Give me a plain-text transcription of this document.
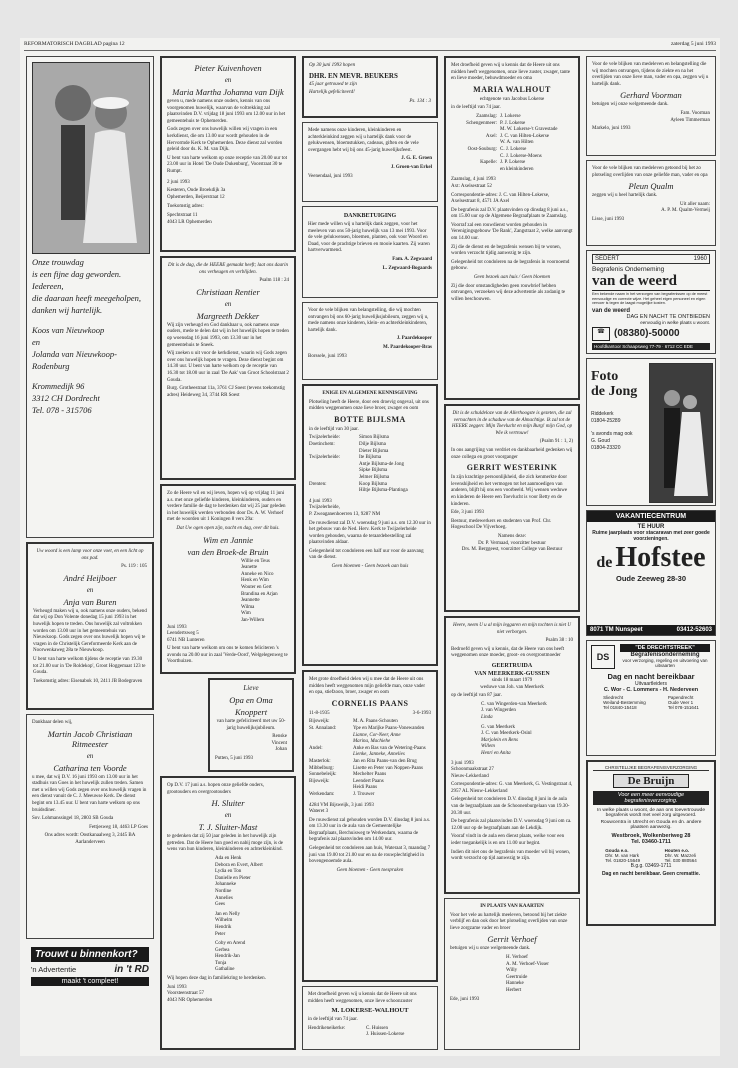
REFORMATORISCH DAGBLAD pagina 12	zaterdag 5 juni 1993

Onze trouwdag

is een fijne dag geworden.

Iedereen,

die daaraan heeft meegeholpen,

danken wij hartelijk.

Koos van Nieuwkoop

en

Jolanda van Nieuwkoop-Rodenburg

Krommedijk 96

3312 CH Dordrecht

Tel. 078 - 315706

Uw woord is een lamp voor onze voet, en een licht op ons pad.
Ps. 119 : 105
André Heijboer
en
Anja van Buren
Verheugd maken wij u, ook namens onze ouders, bekend dat wij op Don Volente donedag 15 juni 1993 in het huwelijk hopen te treden. Ons huwelijk zal voltrokken worden om 13.00 uur in het gemeentehuis van Nieuwkoop. Gods zegen over ons huwelijk hopen wij te vragen in de Christelijk Gereformeerde Kerk aan de Noorwenkaweg 28a te Nieuwkoop.
U bent van harte welkom tijdens de receptie van 19.30 tot 21.00 uur in 'De Roldekop', Groot Hoggemaat 123 te Gouda.
Toekomstig adres: Eisenabok 10, 2411 JB Bodegraven
Dankbaar delen wij,
Martin Jacob Christiaan Ritmeester
en
Catharina ten Voorde
u mee, dat wij D.V. 16 juni 1993 om 13.00 uur in het stadhuis van Goes in het huwelijk zullen treden. Samen met u willen wij Gods zegen over ons huwelijk vragen in een dienst vanuit de C. J. Meeuwse Kerk. De dienst begint om 13.45 uur. U bent van harte welkom op ons bruidsdiner.
Sov. Lohmanssingel 18, 2803 SB Gouda
Fettjesweg 18, 4463 LP Goes
Ons adres wordt: Oostkanaalweg 3, 2445 BA Aarlanderveen
Trouwt u binnenkort?
'n Advertentie	in 't RD
maakt 't compleet!
Pieter Kuivenhoven
en
Maria Martha Johanna van Dijk
geven u, mede namens onze ouders, kennis van ons voorgenomen huwelijk, waarvan de voltrekking zal plaatsvinden D.V. vrijdag 18 juni 1993 om 12.00 uur in het gemeentehuis te Ophemerden.
Gods zegen over ons huwelijk willen wij vragen in een kerkdienst, die om 13.00 uur wordt gehouden in de Hervormde Kerk te Ophemerden. Deze dienst zal worden geleid door ds. K. M. van Dijk.
U bent van harte welkom op onze receptie van 20.00 uur tot 23.00 uur in Hotel 'De Oude Dukenburg', Voorstraat 30 te Rumpt.
2 juni 1993
Kesteren, Oude Broekdijk 3a
Ophemerden, Beijerstraat 12
Toekomstig adres:
Spechtstraat 11
4043 LR Ophemerden
Dit is de dag, die de HEERE gemaakt heeft; laat ons daarin ons verheugen en verblijden.
Psalm 118 : 24
Christiaan Rentier
en
Margreeth Dekker
Wij zijn verheugd en God dankbaar u, ook namens onze ouders, mede te delen dat wij in het huwelijk hopen te treden op woensdag 16 juni 1993, om 13.30 uur in het gemeentehuis te Sneek.
Wij zoeken u uit voor de kerkdienst, waarin wij Gods zegen over ons huwelijk hopen te vragen. Deze dienst begint om 14.30 uur. U bent van harte welkom op de receptie van 16.30 tot 18.00 uur in zaal 'De Aak' van Groot Schoolstraat 2 Gouda.
Burg. Grotheestraat 11a, 3761 CJ Soest (tevens toekomstig adres) Heideweg 34, 3744 RR Soest
Zo de Heere wil en wij leven, hopen wij op vrijdag 11 juni a.s. met onze geliefde kinderen, kleinkinderen, ouders en verdere familie de dag te herdenken dat wij 25 jaar geleden in het huwelijk werden verbonden door Ds. A. W. Verhoef met de woorden uit 1 Koningen 8 vers 29a:
Dat Uw ogen open zijn, nacht en dag, over dit huis.
Wim en Jannie
van den Broek-de Bruin
Willie en Teus
Jeanette
Anneke en Nico
Henk en Wim
Wouter en Gert
Brandina en Arjan
Jeannette
Wilma
Wim
Jan-Willem
Juni 1993
Leendertsweg 5
6741 NB Lunteren
U bent van harte welkom om ons te komen feliciteren 's avonds na 20.00 uur in zaal 'Verde-Oord', Welgelegenweg te Voorthuizen.
Lieve
Opa en Oma
Knoppert
van harte gefeliciteerd met uw 50-jarig huwelijksjubileum.
Renske
Vincent
Johan
Putten, 5 juni 1993
Op D.V. 17 juni a.s. hopen onze geliefde ouders, grootouders en overgrootouders
H. Sluiter
en
T. J. Sluiter-Mast
te gedenken dat zij 50 jaar geleden in het huwelijk zijn getreden. Dat de Heere hun goed en nabij moge zijn, is de wens van hun kinderen, kleinkinderen en achterkleinkind.
Ada en Henk
Debora en Evert, Albert
Lydia en Ton
Danielle en Pieter
Johanneke
Nordine
Annelies
Gees
Jan en Nelly
Wilhelm
Hendrik
Peter
Coby en Arend
Gerbea
Hendrik-Jan
Tonja
Gathaline
Wij hopen deze dag in familiekring te herdenken.
Juni 1993
Voorsteenstraat 57
4043 NR Ophemerden
Op 30 juni 1993 hopen
DHR. EN MEVR. BEUKERS
45 jaar getrouwd te zijn
Hartelijk gefeliciteerd!
Ps. 134 : 3
Mede namens onze kinderen, kleinkinderen en achterkleinkind zeggen wij u hartelijk dank voor de gelukwensen, bloemstukken, cadeaus, giften en de vele overgangen hebt wij bij ons 45-jarig huwelijksfeest.
J. G. E. Groen
J. Groen-van Erkel
Veenendaal, juni 1993
DANKBETUIGING
Hier mede willen wij u hartelijk dank zeggen, voor het meeleven van ons 50-jarig huwelijk van 13 mei 1993. Voor de vele gelukwensen, bloemen, planten, ook voor Woord en Daad, voor de prachtige brieven en mooie kaarten. Zij waren hartverwarmend.
Fam. A. Zegwaard
L. Zegwaard-Bogaards
Voor de vele blijken van belangstelling, die wij mochten ontvangen bij ons 60-jarig huwelijksjubileum, zeggen wij u, mede namens onze kinderen, klein- en achterkleinkinderen, hartelijk dank.
J. Paardekooper
M. Paardekooper-Bras
Borssele, juni 1993
ENIGE EN ALGEMENE KENNISGEVING
Plotseling heeft de Heere, door een droevig ongeval, uit ons midden weggenomen onze lieve broer, zwager en oom
BOTTE BIJLSMA
in de leeftijd van 30 jaar.
Twijzelerheide:	Simon Bijlsma
Doetinchem:	Dilje Bijlsma
Dieter Bijlsma
Twijzelerheide:	Ite Bijlsma
Antje Bijlsma-de Jong
Sipke Bijlsma
Jelmer Bijlsma
Drenten:	Koop Bijlsma
Hiltje Bijlsma-Plantinga
4 juni 1993
Twijzelerheide,
P. Zweaganenhoerren 13, 9287 NM
De rouwdienst zal D.V. woensdag 9 juni a.s. om 12.30 uur in het gebouw van de Ned. Herv. Kerk te Twijzelerheide worden gehouden, waarna de teraardebestelling zal plaatsvinden aldaar.
Gelegenheid tot condoleren een half uur voor de aanvang van de dienst.
Geen bloemen - Geen bezoek aan huis
Met grote droefheid delen wij u mee dat de Heere uit ons midden heeft weggenomen mijn geliefde man, onze vader en opa, stiefzoon, broer, zwager en oom
CORNELIS PAANS
11-8-1935	3-6-1993
Bijsweijk:	M. A. Paans-Schouten
St. Annaland:	Ype en Marijke Paans-Vonewanden
Lianne, Cor-Neer, Anne
Marina, Machiehe
Andel:	Anke en Bas van de Wetering-Paans
Lienke, Janneke, Annelies
Masterlok:	Jan en Rita Paans-van den Brug
Mibbelburg:	Lisette en Peter van Noppen-Paans
Sonnebeleijk:	Mechelter Paans
Bijsweijk:	Leendert Paans
Heidi Paans
Werkendam:	J. Trouwer
4284 VM Bijsweijk, 3 juni 1993
Wateret 3
De rouwdienst zal gehouden worden D.V. dinsdag 8 juni a.s. om 13.30 uur in de aula van de Gemeentelijke Begraafplaats, Berchuisweg te Werkendam, waarna de begrafenis zal plaatsvinden om 14.00 uur.
Gelegenheid tot condoleren aan huis, Wateraat 3, maandag 7 juni van 19.00 tot 21.00 uur en na de rouwplechtigheid in bovengenoemde aula.
Geen bloemen - Geen toespraken
Met droefheid geven wij u kennis dat de Heere uit ons midden heeft weggenomen, onze lieve schoonzuster
M. LOKERSE-WALHOUT
in de leeftijd van 74 jaar.
Hendrikeneikerke:	C. Huissen
J. Huissen-Lokerse
Met droefheid geven wij u kennis dat de Heere uit ons midden heeft weggenomen, onze lieve zuster, zwager, tante en lieve moeder, behuwdmoeder en oma
MARIA WALHOUT
echtgenote van Jacobus Lokerse
in de leeftijd van 74 jaar.
Zaamslag: J. Lokerse
Schengenmeer: P. J. Lokerse
M. W. Lokerse-'t Gravestade
Axel: J. C. van Hilten-Lokerse
W. A. van Hilten
Oost-Souburg: C. J. Lokerse
C. J. Lokerse-Moens
Kapelle: J. P. Lokerse
en kleinkinderen
Zaamslag, 4 juni 1993
Axt: Axelsestraat 52
Correspondentie-adres: J. C. van Hilten-Lokerse, Axelsestraat 8, 4571 JA Axel
De begrafenis zal D.V. plaatsvinden op dinsdag 8 juni a.s., om 15.00 uur op de Algemene Begraafplaats te Zaamslag.
Voorraf zal een rouwdienst worden gehouden in Verenigingsgebouw 'De Rank', Zangstraat 2, welke aanvangt om 14.00 uur.
Zij die de dienst en de begrafenis wensen bij te wonen, worden verzocht tijdig aanwezig te zijn.
Gelegenheid tot condoleren na de begrafenis in voornoemd gebouw.
Geen bezoek aan huis / Geen bloemen
Zij die door omstandigheden geen rouwbrief hebben ontvangen, verzoeken wij deze advertentie als zodanig te willen beschouwen.
Dit is de schuldeloze van de Allerhoogste is gezeten, die zal vernachten in de schaduw van de Almachtige. Ik zal tot de HEERE zeggen: Mijn Toevlucht en mijn Burg! mijn God, op Wie ik vertrouw!
(Psalm 91 : 1, 2)
In ons aangrijing van verdriet en dankbaarheid gedenken wij onze collega en groot voorganger
GERRIT WESTERINK
In zijn krachtige persoonlijkheid, die zich kenmerkte door levenshijheid en het vermogen tot het aanmoedigen van anderen, blijft hij ons een voorbeeld. Wij wensen weduwe en kinderen de Heere een Toevlucht is voor Betty en de kinderen.
Ede, 3 juni 1993
Bestuur, medewerkers en studenten van Prof. Chr. Hogeschool De Vijverhoeg.
Namens deze:
Dr. P. Vermaad, voorzitter bestuur
Drs. M. Berggeest, voorzitter College van Bestuur
Heere, neem U u al mijn leggaren en mijn tochten is niet U niet verborgen.
Psalm 38 : 10
Bedroefd geven wij u kennis, dat de Heere van ons heeft weggenomen onze moeder, groot- en overgrootmoeder
GEERTRUIDA
VAN MEERKERK-GUSSEN
sinds 18 maart 1979
weduwe van Joh. van Meerkerk
op de leeftijd van 87 jaar.
C. van Wingerden-van Meerkerk
J. van Wingerden
Linda
G. van Meerkerk
J. C. van Meerkerk-Osinl
Marjolein en Rens
Willem
Henri en Anita
3 juni 1993
Schoonmaakstraat 27
Nieuw-Lekkerland
Correspondentie-adres: G. van Meerkerk, G. Vestingstraat 4, 2957 AL Nieuw-Lekkerland
Gelegenheid tot condoleren D.V. dinsdag 8 juni in de aula van de begraafplaats aan de Schoonenburgelaan van 19.30-20.30 uur.
De begrafenis zal plaatsvinden D.V. woensdag 9 juni om ca. 12.00 uur op de begraafplaats aan de Lekdijk.
Vooraf vindt in de aula een dienst plaats, welke voor een ieder toegankelijk is en om 11.00 uur begint.
Indien dit niet ons de begrafenis van moeder wil bij wonen, wordt verzocht op tijd aanwezig te zijn.
IN PLAATS VAN KAARTEN
Voor het vele au hartelijk meeleven, betoond bij het ziekte verblijf en dan ook door het plotseling overlijden van onze lieve zorgzame vader en broer
Gerrit Verhoef
betuigen wij u onze welgemeende dank.
H. Verhoef
A. M. Verhoef-Visser
Willy
Geertruide
Hanneke
Herbert
Ede, juni 1993
Voor de vele blijken van medeleven en belangstelling die wij mochten ontvangen, tijdens de ziekte en na het overlijden van onze lieve man, vader en opa, zeggen wij u hartelijk dank.
Gerhard Voorman
betuigen wij onze welgemeende dank.
Fam. Voorman
Ayleen Timmerman
Markelo, juni 1993
Voor de vele blijken van medeleven getoond bij het zo plotseling overlijden van onze geliefde man, vader en opa
Pleun Qualm
zeggen wij u heel hartelijk dank.
Uit aller naam:
A. P. M. Qualm-Vermeij
Lisse, juni 1993
SEDERT	1960
Begrafenis Onderneming
van de weerd
Een bekende naam in het verzorgen van begrafenissen op de meest eenvoudige en correcte wijze. Het geheel eigen personeel en eigen vervoer is tegen de laagst mogelijke kosten.
van de weerd
DAG EN NACHT TE ONTBIEDEN
eenvoudig in welke plaats u woont.
☎ (08380)-50000
Hoofdkantoor Schaapsweg 77-79 · 6712 CC EDE
Foto
de Jong
Riddekerk
01804-25289
's avonds mag ook
G. Goud
01804-23320
VAKANTIECENTRUM
TE HUUR
Ruime jaarplaats voor stacaravan met zeer goede voorzieningen.
de Hofstee
Oude Zeeweg 28-30
8071 TM Nunspeet	03412-52603
DS
"DE DRECHTSTREEK"
Begrafenisonderneming
voor verzorging, regeling en uitvoering van uitvaarten
Dag en nacht bereikbaar
Uitvaartleiders
C. Wor - C. Lommers - H. Nederveen
Sliedrecht
Weiland-Bestemming
Tel 01840-15418
Papendrecht
Oude Veer 1
Tel 078-151641
CHRISTELIJKE BEGRAFENISVERZORGING
De Bruijn
Voor een meer eenvoudige begrafenisverzorging.
In welke plaats u woont, de aan ons toevertrouwde begrafenis wordt met veel zorg uitgevoerd.
Rouwcentra in Utrecht en Gouda en dn. andere plaatsen aanwezig.
Westbroek, Wolkenberiweg 28
Tel. 03460-1711
Gouda e.o.
Dhr. M. van Hark
Tel. 01820-15649
Houten e.o.
Dhr. W. Mazzeli
Tel. 030 880564
B.g.g. 03469-1711
Dag en nacht bereikbaar. Geen cremattie.
